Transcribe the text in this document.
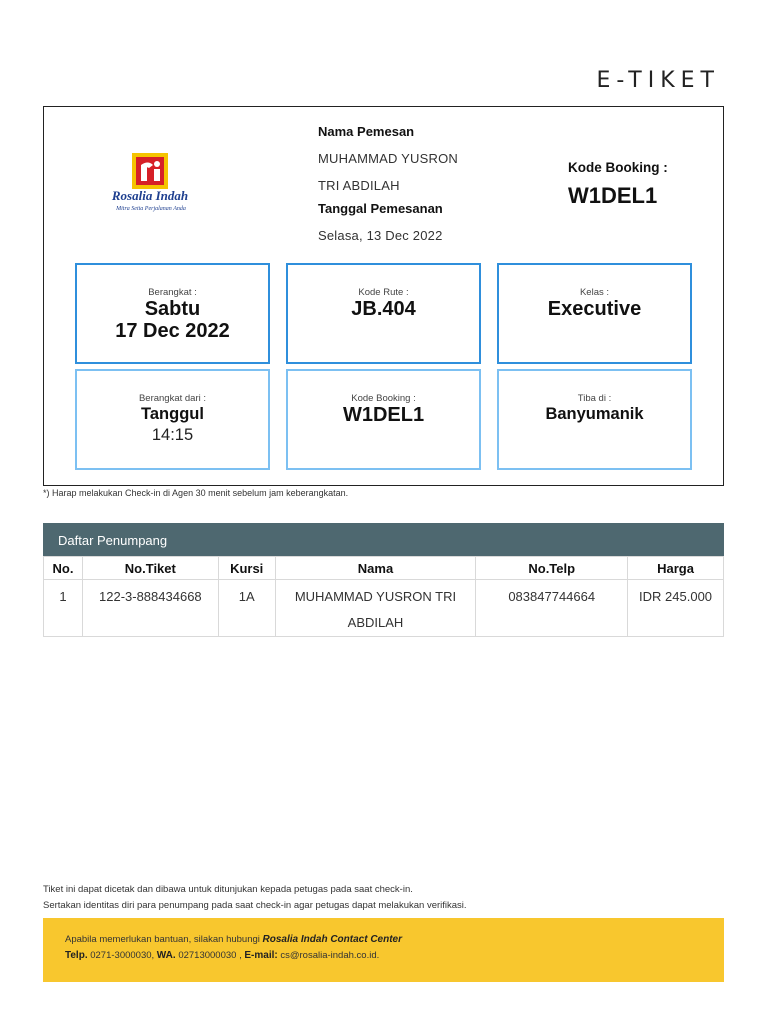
E-TIKET
Rosalia Indah
Mitra Setia Perjalanan Anda
Nama Pemesan
MUHAMMAD YUSRON
TRI ABDILAH
Tanggal Pemesanan
Selasa, 13 Dec 2022
Kode Booking :
W1DEL1
Berangkat :
Sabtu
17 Dec 2022
Kode Rute :
JB.404
Kelas :
Executive
Berangkat dari :
Tanggul
14:15
Kode Booking :
W1DEL1
Tiba di :
Banyumanik
*) Harap melakukan Check-in di Agen 30 menit sebelum jam keberangkatan.
Daftar Penumpang
No.	No.Tiket	Kursi	Nama	No.Telp	Harga
1	122-3-888434668	1A	MUHAMMAD YUSRON TRI ABDILAH	083847744664	IDR 245.000
Tiket ini dapat dicetak dan dibawa untuk ditunjukan kepada petugas pada saat check-in.
Sertakan identitas diri para penumpang pada saat check-in agar petugas dapat melakukan verifikasi.
Apabila memerlukan bantuan, silakan hubungi Rosalia Indah Contact Center
Telp. 0271-3000030, WA. 02713000030 , E-mail: cs@rosalia-indah.co.id.
